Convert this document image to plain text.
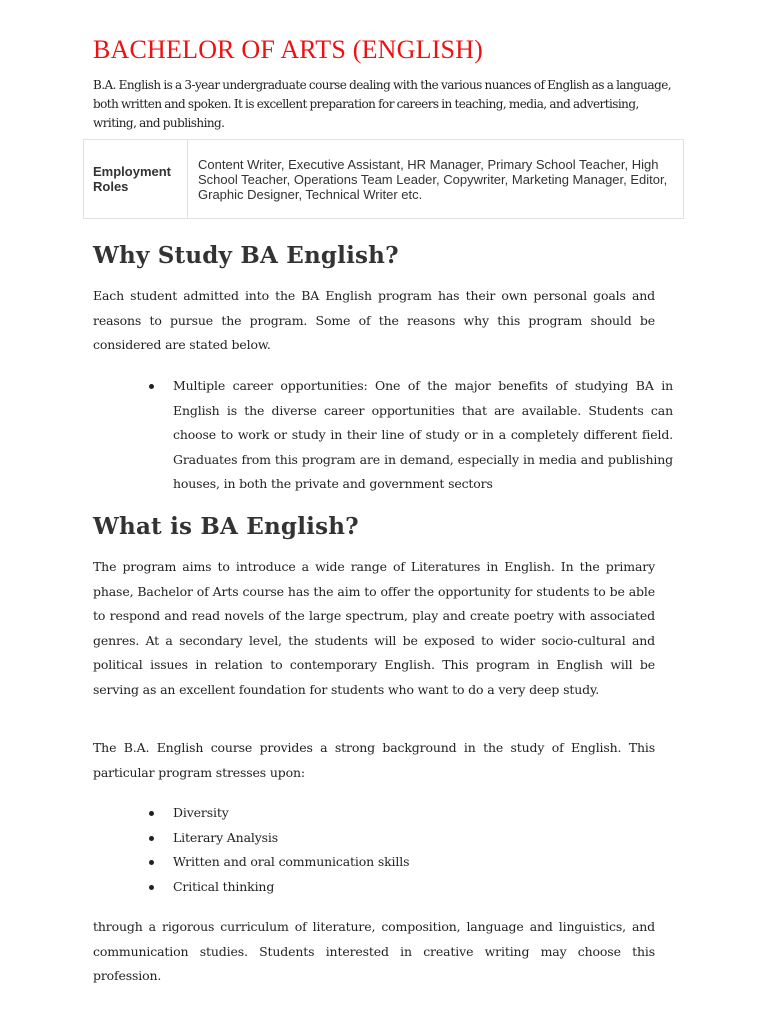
BACHELOR OF ARTS (ENGLISH)

B.A. English is a 3-year undergraduate course dealing with the various nuances of English as a language, both written and spoken. It is excellent preparation for careers in teaching, media, and advertising, writing, and publishing.

Employment Roles
Content Writer, Executive Assistant, HR Manager, Primary School Teacher, High School Teacher, Operations Team Leader, Copywriter, Marketing Manager, Editor, Graphic Designer, Technical Writer etc.
Why Study BA English?

Each student admitted into the BA English program has their own personal goals and reasons to pursue the program. Some of the reasons why this program should be considered are stated below.

Multiple career opportunities: One of the major benefits of studying BA in English is the diverse career opportunities that are available. Students can choose to work or study in their line of study or in a completely different field. Graduates from this program are in demand, especially in media and publishing houses, in both the private and government sectors
What is BA English?

The program aims to introduce a wide range of Literatures in English. In the primary phase, Bachelor of Arts course has the aim to offer the opportunity for students to be able to respond and read novels of the large spectrum, play and create poetry with associated genres. At a secondary level, the students will be exposed to wider socio-cultural and political issues in relation to contemporary English. This program in English will be serving as an excellent foundation for students who want to do a very deep study.

The B.A. English course provides a strong background in the study of English. This particular program stresses upon:

Diversity
Literary Analysis
Written and oral communication skills
Critical thinking

through a rigorous curriculum of literature, composition, language and linguistics, and communication studies. Students interested in creative writing may choose this profession.
